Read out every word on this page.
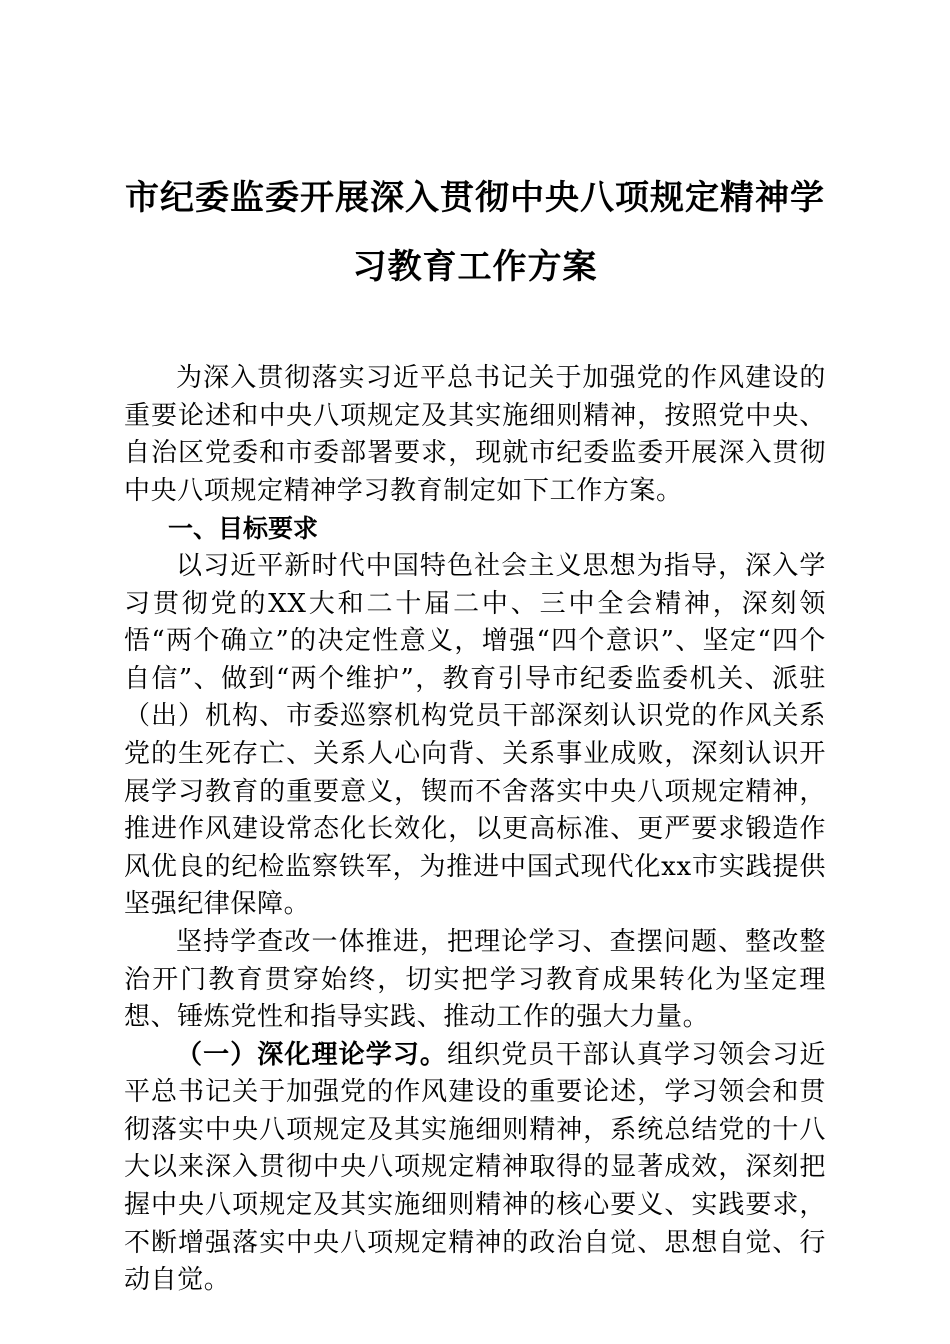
市纪委监委开展深入贯彻中央八项规定精神学习教育工作方案

为深入贯彻落实习近平总书记关于加强党的作风建设的重要论述和中央八项规定及其实施细则精神，按照党中央、自治区党委和市委部署要求，现就市纪委监委开展深入贯彻中央八项规定精神学习教育制定如下工作方案。

一、目标要求

以习近平新时代中国特色社会主义思想为指导，深入学习贯彻党的XX大和二十届二中、三中全会精神，深刻领悟“两个确立”的决定性意义，增强“四个意识”、坚定“四个自信”、做到“两个维护”，教育引导市纪委监委机关、派驻（出）机构、市委巡察机构党员干部深刻认识党的作风关系党的生死存亡、关系人心向背、关系事业成败，深刻认识开展学习教育的重要意义，锲而不舍落实中央八项规定精神，推进作风建设常态化长效化，以更高标准、更严要求锻造作风优良的纪检监察铁军，为推进中国式现代化xx市实践提供坚强纪律保障。

坚持学查改一体推进，把理论学习、查摆问题、整改整治开门教育贯穿始终，切实把学习教育成果转化为坚定理想、锤炼党性和指导实践、推动工作的强大力量。

（一）深化理论学习。组织党员干部认真学习领会习近平总书记关于加强党的作风建设的重要论述，学习领会和贯彻落实中央八项规定及其实施细则精神，系统总结党的十八大以来深入贯彻中央八项规定精神取得的显著成效，深刻把握中央八项规定及其实施细则精神的核心要义、实践要求，不断增强落实中央八项规定精神的政治自觉、思想自觉、行动自觉。
